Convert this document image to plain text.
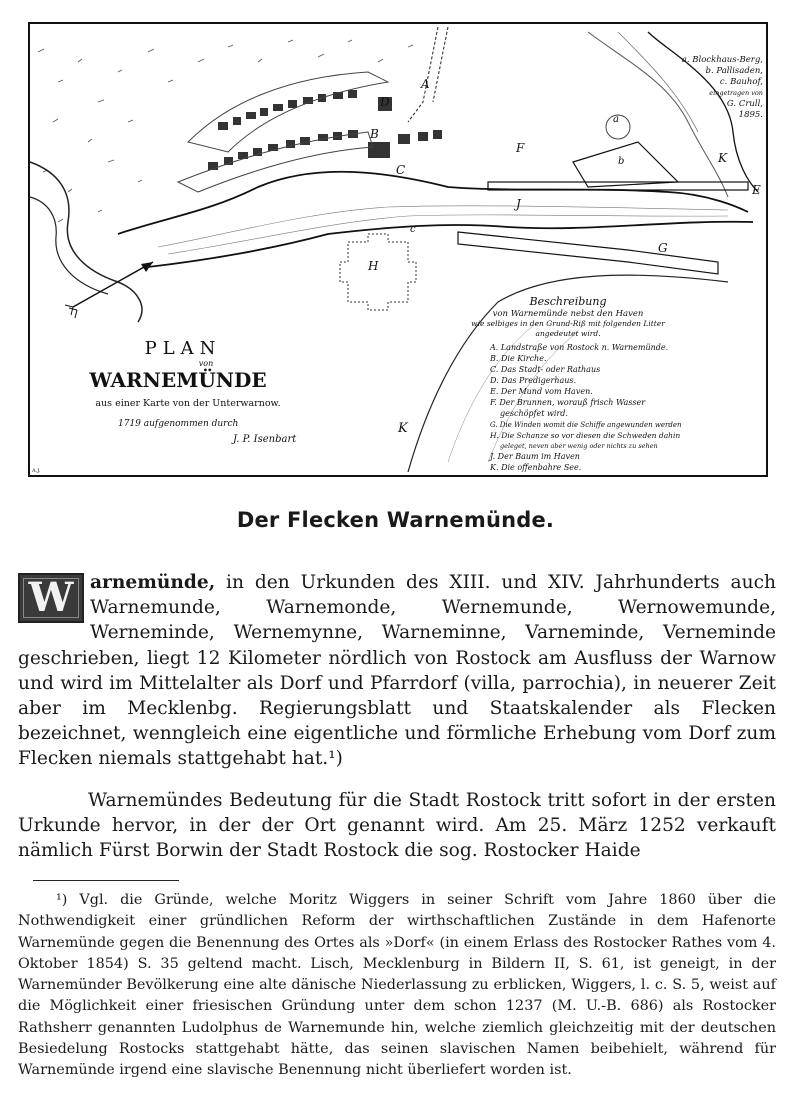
A
B
C
D
E
F
G
H
J
K
K
a
b
c
a. Blockhaus-Berg,
b. Pallisaden,
c. Bauhof,
eingetragen von
G. Crull,
1895.
PLAN
von
WARNEMÜNDE
aus einer Karte von der Unterwarnow.
1719 aufgenommen durch
J. P. Isenbart
A.J.
Beschreibung
von Warnemünde nebst den Haven
wie selbiges in den Grund-Riß mit folgenden Litter
angedeutet wird.
A. Landstraße von Rostock n. Warnemünde.
B. Die Kirche.
C. Das Stadt- oder Rathaus
D. Das Predigerhaus.
E. Der Mund vom Haven.
F. Der Brunnen, worauß frisch Wasser
geschöpfet wird.
G. Die Winden womit die Schiffe angewunden werden
H. Die Schanze so vor diesen die Schweden dahin
geleget, neven aber wenig oder nichts zu sehen
J. Der Baum im Haven
K. Die offenbahre See.
Der Flecken Warnemünde.

W arnemünde, in den Urkunden des XIII. und XIV. Jahrhunderts auch Warnemunde, Warnemonde, Wernemunde, Wernowemunde, Werneminde, Wernemynne, Warneminne, Varneminde, Verneminde geschrieben, liegt 12 Kilometer nördlich von Rostock am Ausfluss der Warnow und wird im Mittelalter als Dorf und Pfarrdorf (villa, parrochia), in neuerer Zeit aber im Mecklenbg. Regierungsblatt und Staatskalender als Flecken bezeichnet, wenngleich eine eigentliche und förmliche Erhebung vom Dorf zum Flecken niemals stattgehabt hat.¹)

Warnemündes Bedeutung für die Stadt Rostock tritt sofort in der ersten Urkunde hervor, in der der Ort genannt wird. Am 25. März 1252 verkauft nämlich Fürst Borwin der Stadt Rostock die sog. Rostocker Haide

¹) Vgl. die Gründe, welche Moritz Wiggers in seiner Schrift vom Jahre 1860 über die Nothwendigkeit einer gründlichen Reform der wirthschaftlichen Zustände in dem Hafenorte Warnemünde gegen die Benennung des Ortes als »Dorf« (in einem Erlass des Rostocker Rathes vom 4. Oktober 1854) S. 35 geltend macht. Lisch, Mecklenburg in Bildern II, S. 61, ist geneigt, in der Warnemünder Bevölkerung eine alte dänische Niederlassung zu erblicken, Wiggers, l. c. S. 5, weist auf die Möglichkeit einer friesischen Gründung unter dem schon 1237 (M. U.-B. 686) als Rostocker Rathsherr genannten Ludolphus de Warnemunde hin, welche ziemlich gleichzeitig mit der deutschen Besiedelung Rostocks stattgehabt hätte, das seinen slavischen Namen beibehielt, während für Warnemünde irgend eine slavische Benennung nicht überliefert worden ist.
